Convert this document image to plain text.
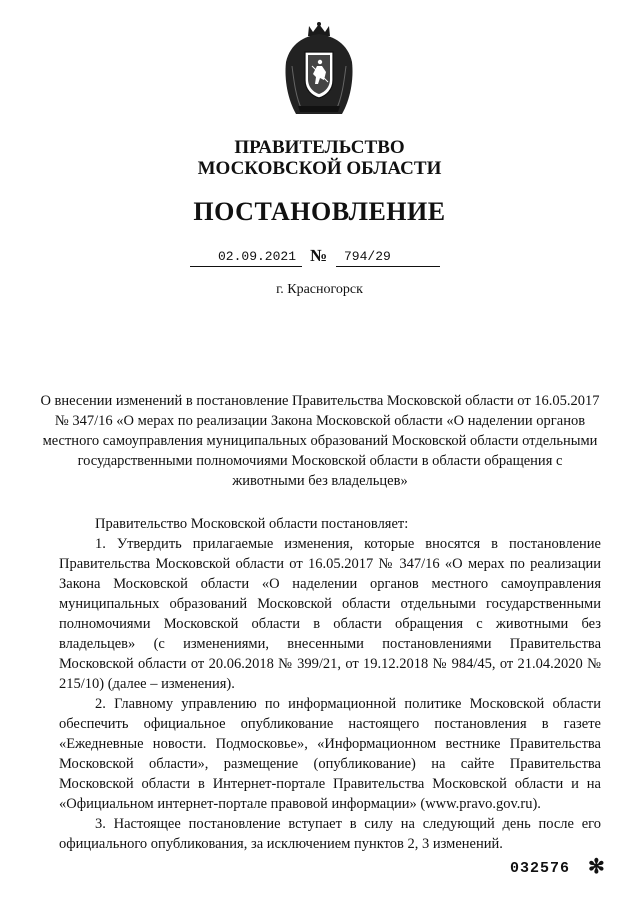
ПРАВИТЕЛЬСТВО
МОСКОВСКОЙ ОБЛАСТИ
ПОСТАНОВЛЕНИЕ
02.09.2021 №	794/29
г. Красногорск
О внесении изменений в постановление Правительства Московской области от 16.05.2017 № 347/16 «О мерах по реализации Закона Московской области «О наделении органов местного самоуправления муниципальных образований Московской области отдельными государственными полномочиями Московской области в области обращения с животными без владельцев»

Правительство Московской области постановляет:

1. Утвердить прилагаемые изменения, которые вносятся в постановление Правительства Московской области от 16.05.2017 № 347/16 «О мерах по реализации Закона Московской области «О наделении органов местного самоуправления муниципальных образований Московской области отдельными государственными полномочиями Московской области в области обращения с животными без владельцев» (с изменениями, внесенными постановлениями Правительства Московской области от 20.06.2018 № 399/21, от 19.12.2018 № 984/45, от 21.04.2020 № 215/10) (далее – изменения).

2. Главному управлению по информационной политике Московской области обеспечить официальное опубликование настоящего постановления в газете «Ежедневные новости. Подмосковье», «Информационном вестнике Правительства Московской области», размещение (опубликование) на сайте Правительства Московской области в Интернет-портале Правительства Московской области и на «Официальном интернет-портале правовой информации» (www.pravo.gov.ru).

3. Настоящее постановление вступает в силу на следующий день после его официального опубликования, за исключением пунктов 2, 3 изменений.

032576 ✻
